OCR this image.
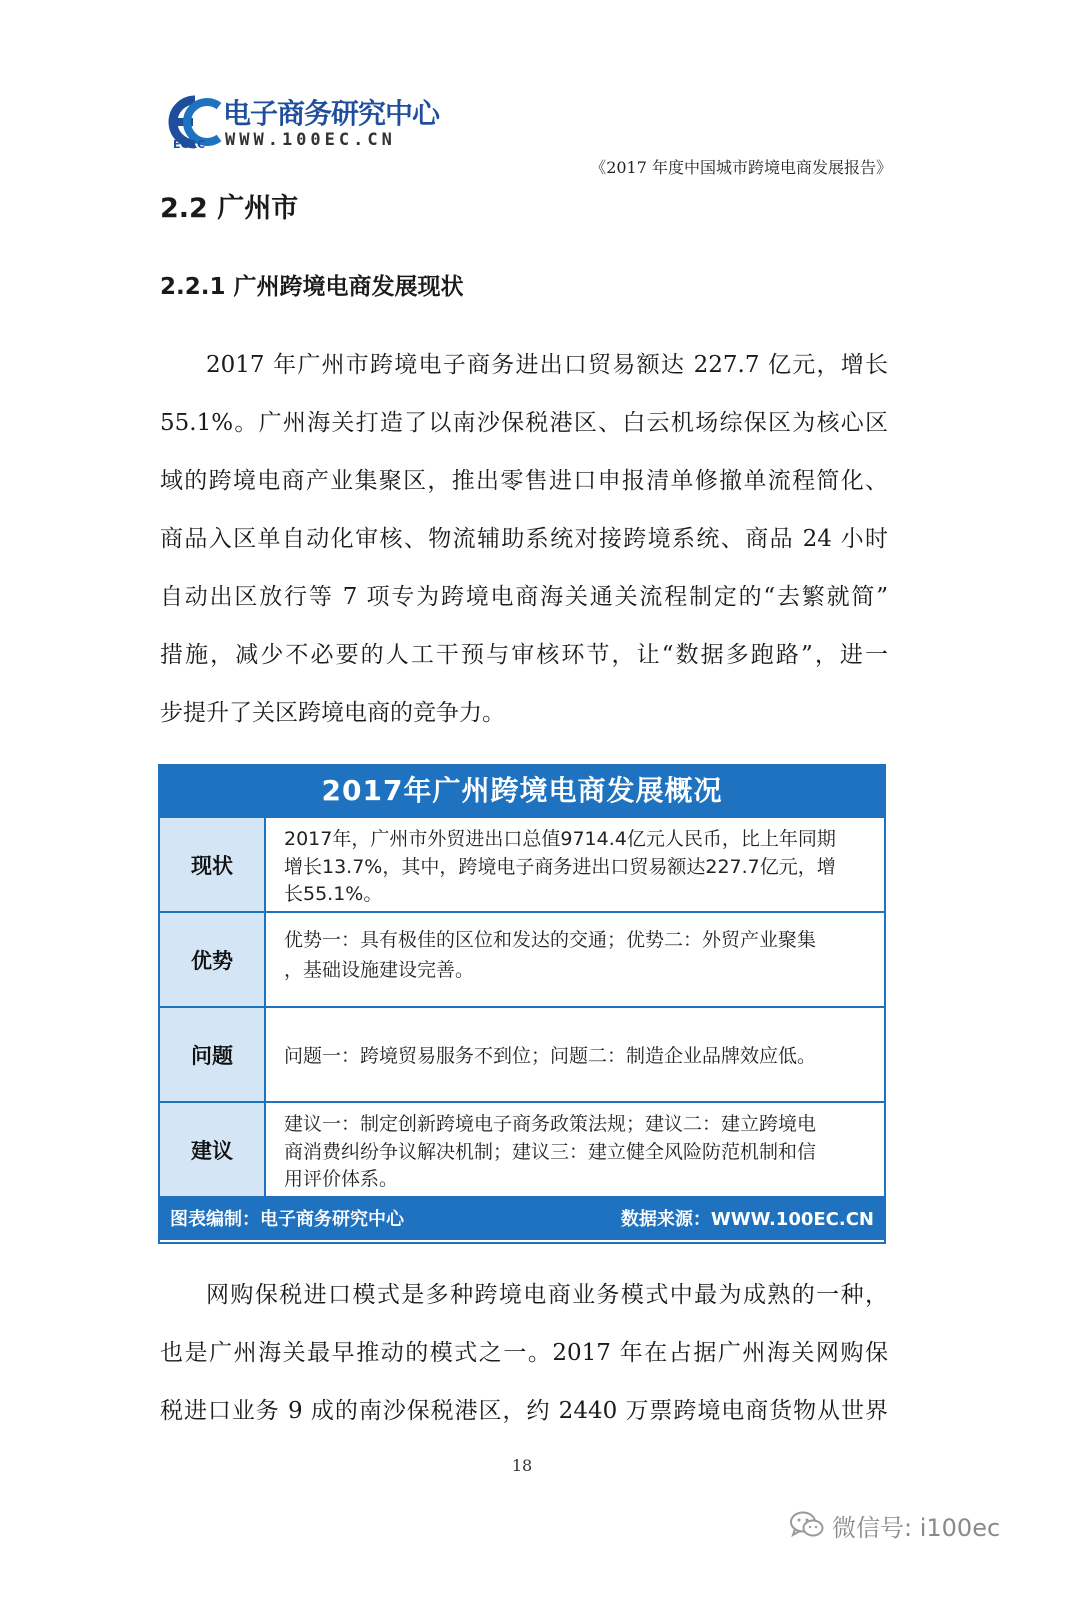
ECRC
电子商务研究中心
WWW.100EC.CN
《2017 年度中国城市跨境电商发展报告》
2.2 广州市
2.2.1 广州跨境电商发展现状
2017 年广州市跨境电子商务进出口贸易额达 227.7 亿元，增长
55.1%。广州海关打造了以南沙保税港区、白云机场综保区为核心区
域的跨境电商产业集聚区，推出零售进口申报清单修撤单流程简化、
商品入区单自动化审核、物流辅助系统对接跨境系统、商品 24 小时
自动出区放行等 7 项专为跨境电商海关通关流程制定的“去繁就简”
措施，减少不必要的人工干预与审核环节，让“数据多跑路”，进一
步提升了关区跨境电商的竞争力。
2017年广州跨境电商发展概况
现状
2017年，广州市外贸进出口总值9714.4亿元人民币，比上年同期
增长13.7%，其中，跨境电子商务进出口贸易额达227.7亿元，增
长55.1%。
优势
优势一：具有极佳的区位和发达的交通；优势二：外贸产业聚集
，基础设施建设完善。
问题	问题一：跨境贸易服务不到位；问题二：制造企业品牌效应低。
建议
建议一：制定创新跨境电子商务政策法规；建议二：建立跨境电
商消费纠纷争议解决机制；建议三：建立健全风险防范机制和信
用评价体系。
图表编制：电子商务研究中心	数据来源：WWW.100EC.CN
网购保税进口模式是多种跨境电商业务模式中最为成熟的一种，
也是广州海关最早推动的模式之一。2017 年在占据广州海关网购保
税进口业务 9 成的南沙保税港区，约 2440 万票跨境电商货物从世界
18
微信号: i100ec
